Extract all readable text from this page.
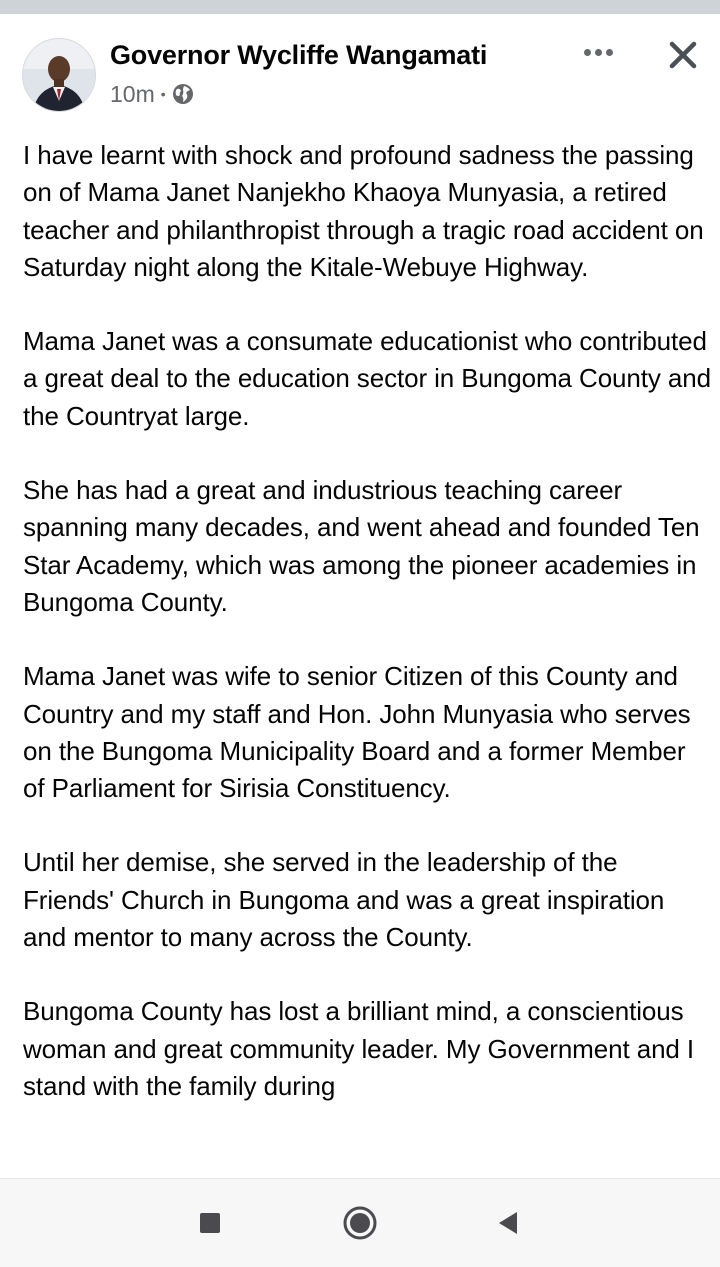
Governor Wycliffe Wangamati
10m •

I have learnt with shock and profound sadness the passing on of Mama Janet Nanjekho Khaoya Munyasia, a retired teacher and philanthropist through a tragic road accident on Saturday night along the Kitale-Webuye Highway.

Mama Janet was a consumate educationist who contributed a great deal to the education sector in Bungoma County and the Countryat large.

She has had a great and industrious teaching career spanning many decades, and went ahead and founded Ten Star Academy, which was among the pioneer academies in Bungoma County.

Mama Janet was wife to senior Citizen of this County and Country and my staff and Hon. John Munyasia who serves on the Bungoma Municipality Board and a former Member of Parliament for Sirisia Constituency.

Until her demise, she served in the leadership of the Friends' Church in Bungoma and was a great inspiration and mentor to many across the County.

Bungoma County has lost a brilliant mind, a conscientious woman and great community leader. My Government and I stand with the family during
